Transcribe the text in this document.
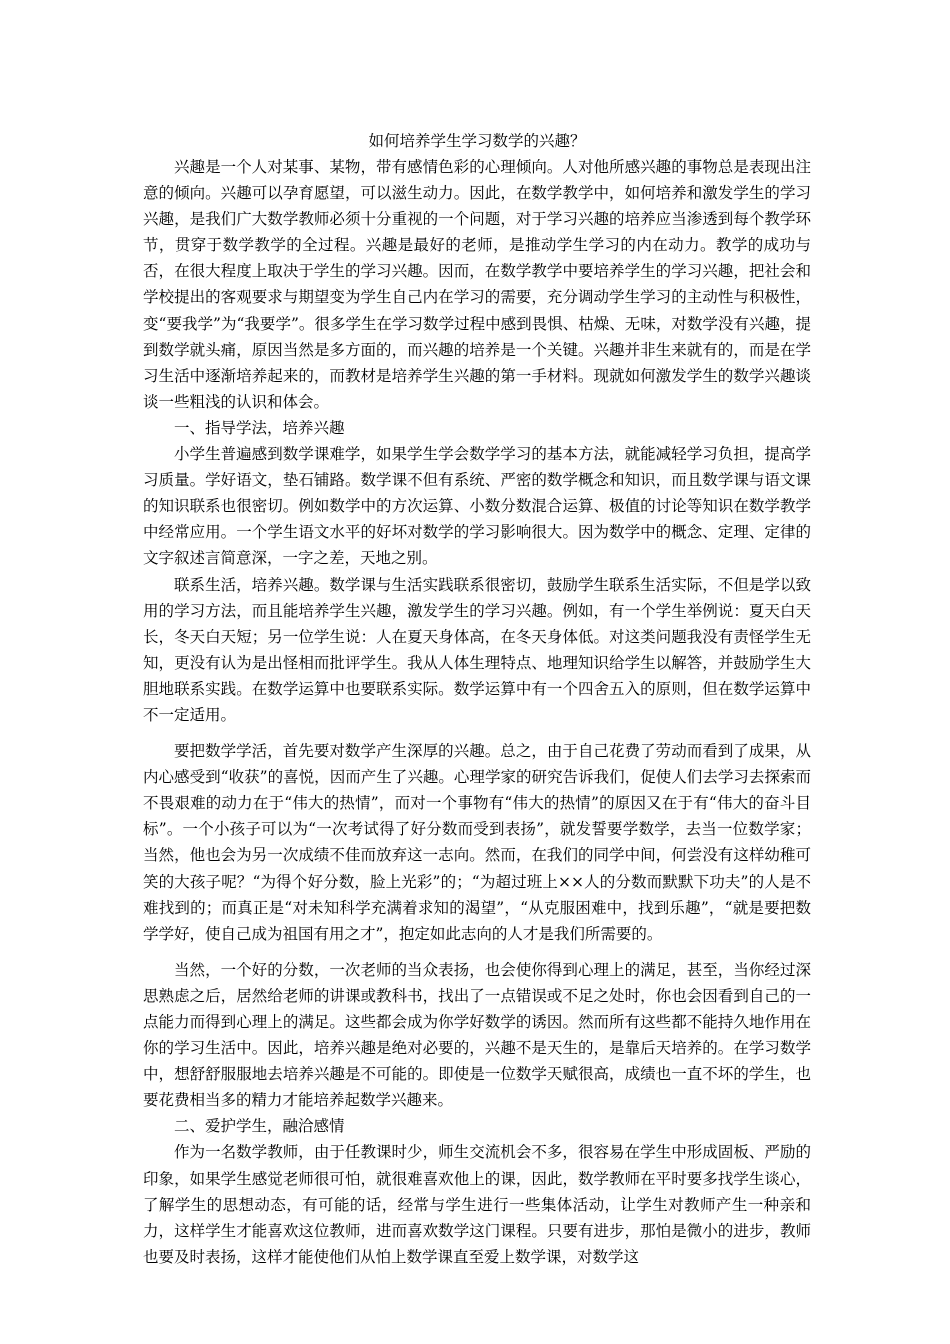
如何培养学生学习数学的兴趣？

兴趣是一个人对某事、某物，带有感情色彩的心理倾向。人对他所感兴趣的事物总是表现出注意的倾向。兴趣可以孕育愿望，可以滋生动力。因此，在数学教学中，如何培养和激发学生的学习兴趣，是我们广大数学教师必须十分重视的一个问题，对于学习兴趣的培养应当渗透到每个教学环节，贯穿于数学教学的全过程。兴趣是最好的老师，是推动学生学习的内在动力。教学的成功与否，在很大程度上取决于学生的学习兴趣。因而，在数学教学中要培养学生的学习兴趣，把社会和学校提出的客观要求与期望变为学生自己内在学习的需要，充分调动学生学习的主动性与积极性，变“要我学”为“我要学”。很多学生在学习数学过程中感到畏惧、枯燥、无味，对数学没有兴趣，提到数学就头痛，原因当然是多方面的，而兴趣的培养是一个关键。兴趣并非生来就有的，而是在学习生活中逐渐培养起来的，而教材是培养学生兴趣的第一手材料。现就如何激发学生的数学兴趣谈谈一些粗浅的认识和体会。

一、指导学法，培养兴趣

小学生普遍感到数学课难学，如果学生学会数学学习的基本方法，就能减轻学习负担，提高学习质量。学好语文，垫石铺路。数学课不但有系统、严密的数学概念和知识，而且数学课与语文课的知识联系也很密切。例如数学中的方次运算、小数分数混合运算、极值的讨论等知识在数学教学中经常应用。一个学生语文水平的好坏对数学的学习影响很大。因为数学中的概念、定理、定律的文字叙述言简意深，一字之差，天地之别。

联系生活，培养兴趣。数学课与生活实践联系很密切，鼓励学生联系生活实际，不但是学以致用的学习方法，而且能培养学生兴趣，激发学生的学习兴趣。例如，有一个学生举例说：夏天白天长，冬天白天短；另一位学生说：人在夏天身体高，在冬天身体低。对这类问题我没有责怪学生无知，更没有认为是出怪相而批评学生。我从人体生理特点、地理知识给学生以解答，并鼓励学生大胆地联系实践。在数学运算中也要联系实际。数学运算中有一个四舍五入的原则，但在数学运算中不一定适用。

要把数学学活，首先要对数学产生深厚的兴趣。总之，由于自己花费了劳动而看到了成果，从内心感受到“收获”的喜悦，因而产生了兴趣。心理学家的研究告诉我们，促使人们去学习去探索而不畏艰难的动力在于“伟大的热情”，而对一个事物有“伟大的热情”的原因又在于有“伟大的奋斗目标”。一个小孩子可以为“一次考试得了好分数而受到表扬”，就发誓要学数学，去当一位数学家；当然，他也会为另一次成绩不佳而放弃这一志向。然而，在我们的同学中间，何尝没有这样幼稚可笑的大孩子呢？“为得个好分数，脸上光彩”的；“为超过班上××人的分数而默默下功夫”的人是不难找到的；而真正是“对未知科学充满着求知的渴望”，“从克服困难中，找到乐趣”，“就是要把数学学好，使自己成为祖国有用之才”，抱定如此志向的人才是我们所需要的。

当然，一个好的分数，一次老师的当众表扬，也会使你得到心理上的满足，甚至，当你经过深思熟虑之后，居然给老师的讲课或教科书，找出了一点错误或不足之处时，你也会因看到自己的一点能力而得到心理上的满足。这些都会成为你学好数学的诱因。然而所有这些都不能持久地作用在你的学习生活中。因此，培养兴趣是绝对必要的，兴趣不是天生的，是靠后天培养的。在学习数学中，想舒舒服服地去培养兴趣是不可能的。即使是一位数学天赋很高，成绩也一直不坏的学生，也要花费相当多的精力才能培养起数学兴趣来。

二、爱护学生，融洽感情

作为一名数学教师，由于任教课时少，师生交流机会不多，很容易在学生中形成固板、严励的印象，如果学生感觉老师很可怕，就很难喜欢他上的课，因此，数学教师在平时要多找学生谈心，了解学生的思想动态，有可能的话，经常与学生进行一些集体活动，让学生对教师产生一种亲和力，这样学生才能喜欢这位教师，进而喜欢数学这门课程。只要有进步，那怕是微小的进步，教师也要及时表扬，这样才能使他们从怕上数学课直至爱上数学课，对数学这
